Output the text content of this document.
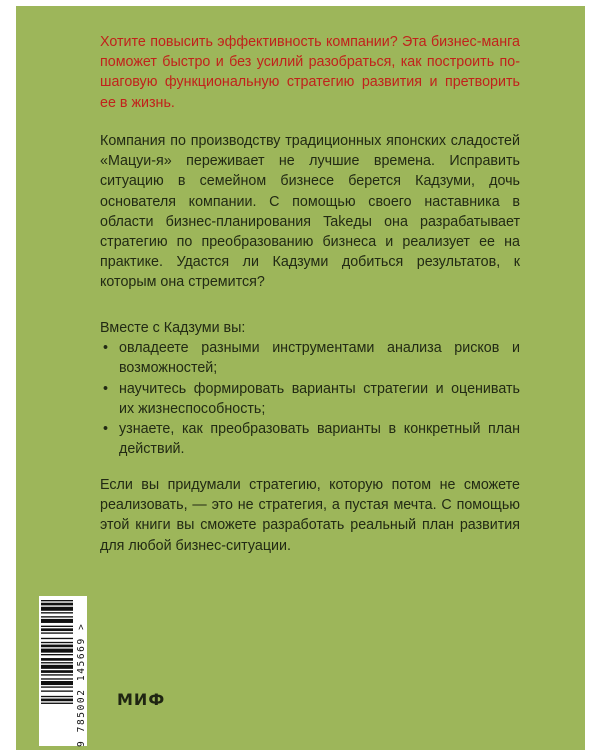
Хотите повысить эффективность компании? Эта бизнес-манга поможет быстро и без усилий разобраться, как построить пошаговую функциональную стратегию развития и претворить ее в жизнь.
Компания по производству традиционных японских сладостей «Мацуи-я» переживает не лучшие времена. Исправить ситуацию в семейном бизнесе берется Кадзуми, дочь основателя компании. С помощью своего наставника в области бизнес-планирования Takeды она разрабатывает стратегию по преобразованию бизнеса и реализует ее на практике. Удастся ли Кадзуми добиться результатов, к которым она стремится?
Вместе с Кадзуми вы:
• овладеете разными инструментами анализа рисков и возможностей;
• научитесь формировать варианты стратегии и оценивать их жизнеспособность;
• узнаете, как преобразовать варианты в конкретный план действий.
Если вы придумали стратегию, которую потом не сможете реализовать, — это не стратегия, а пустая мечта. С помощью этой книги вы сможете разработать реальный план развития для любой бизнес-ситуации.
9 785002 145669 > МИФ
